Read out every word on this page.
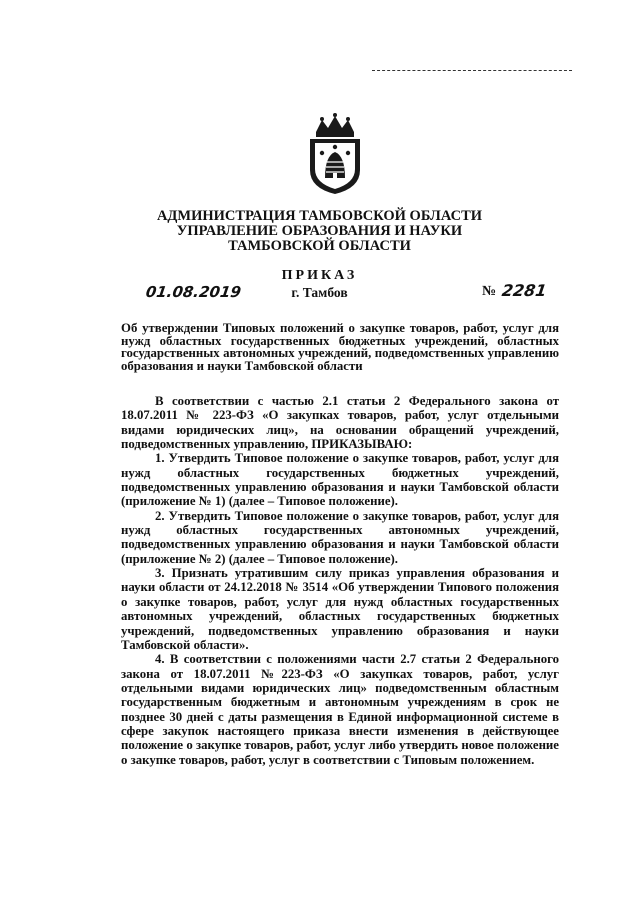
АДМИНИСТРАЦИЯ ТАМБОВСКОЙ ОБЛАСТИ
УПРАВЛЕНИЕ ОБРАЗОВАНИЯ И НАУКИ
ТАМБОВСКОЙ ОБЛАСТИ
ПРИКАЗ
г. Тамбов
01.08.2019	№ 2281
Об утверждении Типовых положений о закупке товаров, работ, услуг для нужд областных государственных бюджетных учреждений, областных государственных автономных учреждений, подведомственных управлению образования и науки Тамбовской области

В соответствии с частью 2.1 статьи 2 Федерального закона от 18.07.2011 № 223-ФЗ «О закупках товаров, работ, услуг отдельными видами юридических лиц», на основании обращений учреждений, подведомственных управлению, ПРИКАЗЫВАЮ:

1. Утвердить Типовое положение о закупке товаров, работ, услуг для нужд областных государственных бюджетных учреждений, подведомственных управлению образования и науки Тамбовской области (приложение № 1) (далее – Типовое положение).

2. Утвердить Типовое положение о закупке товаров, работ, услуг для нужд областных государственных автономных учреждений, подведомственных управлению образования и науки Тамбовской области (приложение № 2) (далее – Типовое положение).

3. Признать утратившим силу приказ управления образования и науки области от 24.12.2018 № 3514 «Об утверждении Типового положения о закупке товаров, работ, услуг для нужд областных государственных автономных учреждений, областных государственных бюджетных учреждений, подведомственных управлению образования и науки Тамбовской области».

4. В соответствии с положениями части 2.7 статьи 2 Федерального закона от 18.07.2011 №223-ФЗ «О закупках товаров, работ, услуг отдельными видами юридических лиц» подведомственным областным государственным бюджетным и автономным учреждениям в срок не позднее 30 дней с даты размещения в Единой информационной системе в сфере закупок настоящего приказа внести изменения в действующее положение о закупке товаров, работ, услуг либо утвердить новое положение о закупке товаров, работ, услуг в соответствии с Типовым положением.
